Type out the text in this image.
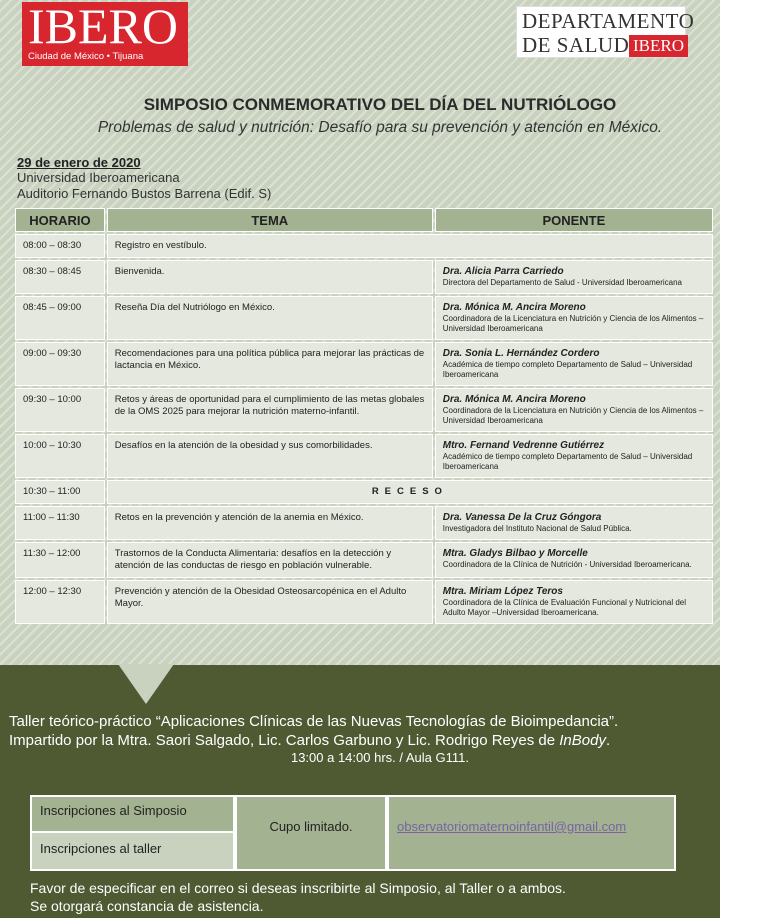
IBERO
Ciudad de México • Tijuana
DEPARTAMENTO
DE SALUD IBERO
SIMPOSIO CONMEMORATIVO DEL DÍA DEL NUTRIÓLOGO
Problemas de salud y nutrición: Desafío para su prevención y atención en México.
29 de enero de 2020
Universidad Iberoamericana
Auditorio Fernando Bustos Barrena (Edif. S)
HORARIO	TEMA	PONENTE
08:00 – 08:30	Registro en vestíbulo.	
08:30 – 08:45	Bienvenida.	Dra. Alicia Parra Carriedo
Directora del Departamento de Salud - Universidad Iberoamericana

08:45 – 09:00	Reseña Día del Nutriólogo en México.	Dra. Mónica M. Ancira Moreno
Coordinadora de la Licenciatura en Nutrición y Ciencia de los Alimentos – Universidad Iberoamericana

09:00 – 09:30	Recomendaciones para una política pública para mejorar las prácticas de lactancia en México.	Dra. Sonia L. Hernández Cordero
Académica de tiempo completo Departamento de Salud – Universidad Iberoamericana

09:30 – 10:00	Retos y áreas de oportunidad para el cumplimiento de las metas globales de la OMS 2025 para mejorar la nutrición materno-infantil.	Dra. Mónica M. Ancira Moreno
Coordinadora de la Licenciatura en Nutrición y Ciencia de los Alimentos – Universidad Iberoamericana

10:00 – 10:30	Desafíos en la atención de la obesidad y sus comorbilidades.	Mtro. Fernand Vedrenne Gutiérrez
Académico de tiempo completo Departamento de Salud – Universidad Iberoamericana

10:30 – 11:00	RECESO	
11:00 – 11:30	Retos en la prevención y atención de la anemia en México.	Dra. Vanessa De la Cruz Góngora
Investigadora del Instituto Nacional de Salud Pública.

11:30 – 12:00	Trastornos de la Conducta Alimentaria: desafíos en la detección y atención de las conductas de riesgo en población vulnerable.	Mtra. Gladys Bilbao y Morcelle
Coordinadora de la Clínica de Nutrición - Universidad Iberoamericana.

12:00 – 12:30	Prevención y atención de la Obesidad Osteosarcopénica en el Adulto Mayor.	Mtra. Miriam López Teros
Coordinadora de la Clínica de Evaluación Funcional y Nutricional del Adulto Mayor –Universidad Iberoamericana.
Taller teórico-práctico “Aplicaciones Clínicas de las Nuevas Tecnologías de Bioimpedancia”.
Impartido por la Mtra. Saori Salgado, Lic. Carlos Garbuno y Lic. Rodrigo Reyes de InBody.
13:00 a 14:00 hrs. / Aula G111.
Inscripciones al Simposio
Inscripciones al taller
Cupo limitado.	observatoriomaternoinfantil@gmail.com
Favor de especificar en el correo si deseas inscribirte al Simposio, al Taller o a ambos.
Se otorgará constancia de asistencia.
